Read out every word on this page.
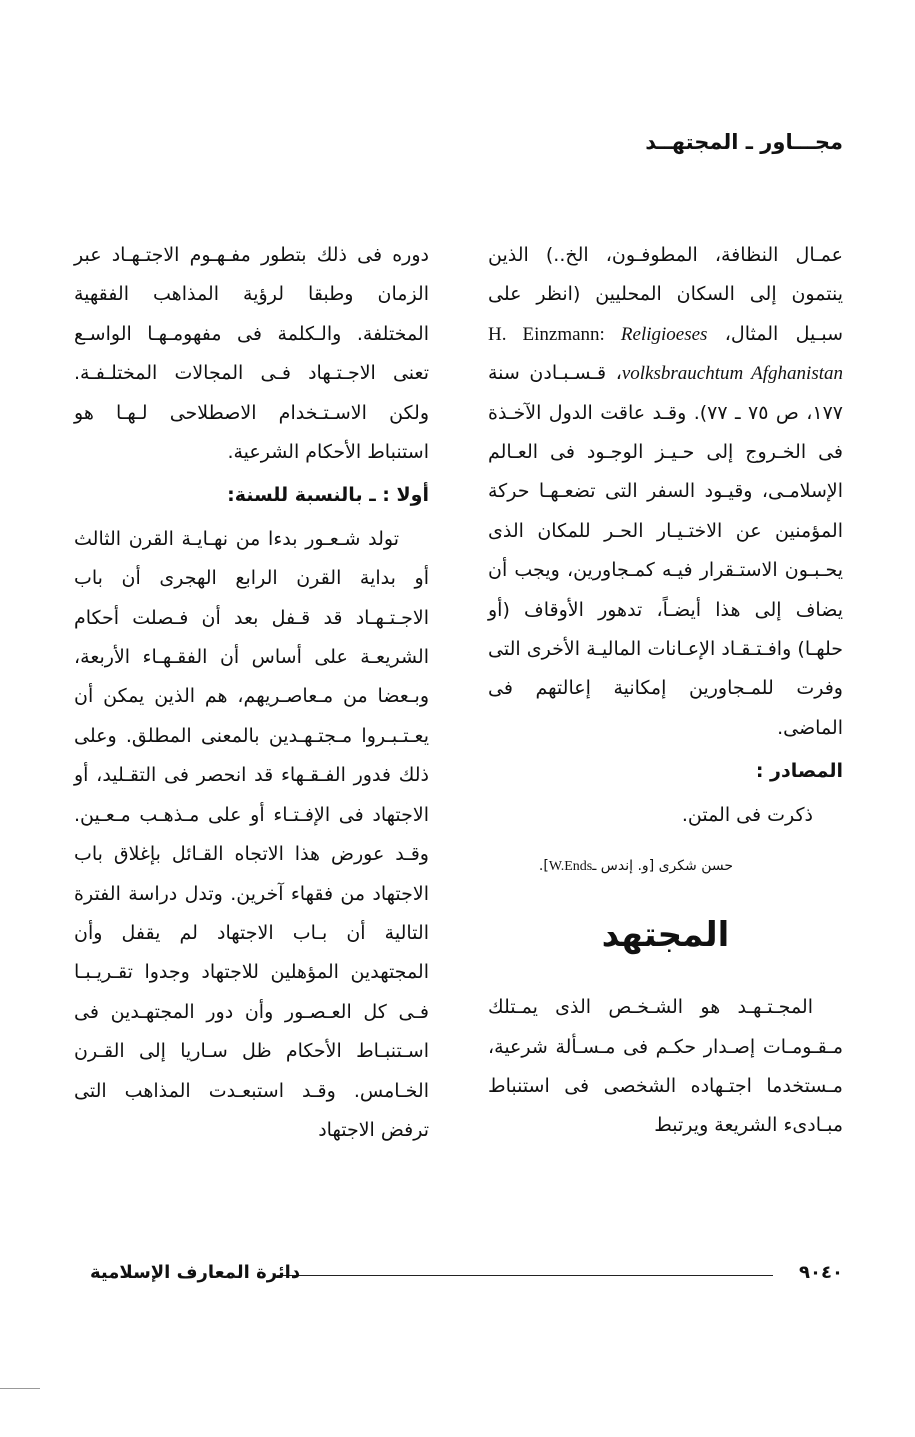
مجـــاور ـ المجتهــد

عمـال النظافة، المطوفـون، الخ..) الذين ينتمون إلى السكان المحليين (انظر على سبـيل المثال، H. Einzmann: Religioeses volksbrauchtum Afghanistan، قـسـبـادن سنة ١٧٧، ص ٧٥ ـ ٧٧). وقـد عاقت الدول الآخـذة فى الخـروج إلى حـيـز الوجـود فى العـالم الإسلامـى، وقيـود السفر التى تضعـهـا حركة المؤمنين عن الاختـيـار الحـر للمكان الذى يحـبـون الاستـقرار فيـه كمـجاورين، ويجب أن يضاف إلى هذا أيضـاً، تدهور الأوقاف (أو حلهـا) وافـتـقـاد الإعـانات الماليـة الأخرى التى وفرت للمـجاورين إمكانية إعالتهم فى الماضى.

المصادر :

ذكرت فى المتن.

حسن شكرى [و. إندس ـW.Ends].

المجتهد

المجـتـهـد هو الشـخـص الذى يمـتلك مـقـومـات إصـدار حكـم فى مـسـألة شرعية، مـستخدما اجتـهاده الشخصى فى استنباط مبـادىء الشريعة ويرتبط

دوره فى ذلك بتطور مفـهـوم الاجتـهـاد عبر الزمان وطبقا لرؤية المذاهب الفقهية المختلفة. والـكلمة فى مفهومـهـا الواسـع تعنى الاجـتـهاد فـى المجالات المختلـفـة. ولكن الاسـتـخدام الاصطلاحى لـهـا هو استنباط الأحكام الشرعية.

أولا : ـ بالنسبة للسنة:

تولد شـعـور بدءا من نهـايـة القرن الثالث أو بداية القرن الرابع الهجرى أن باب الاجـتـهـاد قد قـفل بعد أن فـصلت أحكام الشريعـة على أساس أن الفقـهـاء الأربعة، وبـعضا من مـعاصـريهم، هم الذين يمكن أن يعـتـبـروا مـجتـهـدين بالمعنى المطلق. وعلى ذلك فدور الفـقـهاء قد انحصر فى التقـليد، أو الاجتهاد فى الإفـتـاء أو على مـذهـب مـعـين. وقـد عورض هذا الاتجاه القـائل بإغلاق باب الاجتهاد من فقهاء آخرين. وتدل دراسة الفترة التالية أن بـاب الاجتهاد لم يقفل وأن المجتهدين المؤهلين للاجتهاد وجدوا تقـريـبـا فـى كل العـصـور وأن دور المجتهـدين فى اسـتنبـاط الأحكام ظل سـاريا إلى القـرن الخـامس. وقـد استبعـدت المذاهب التى ترفض الاجتهاد

٩٠٤٠
دائرة المعارف الإسلامية
